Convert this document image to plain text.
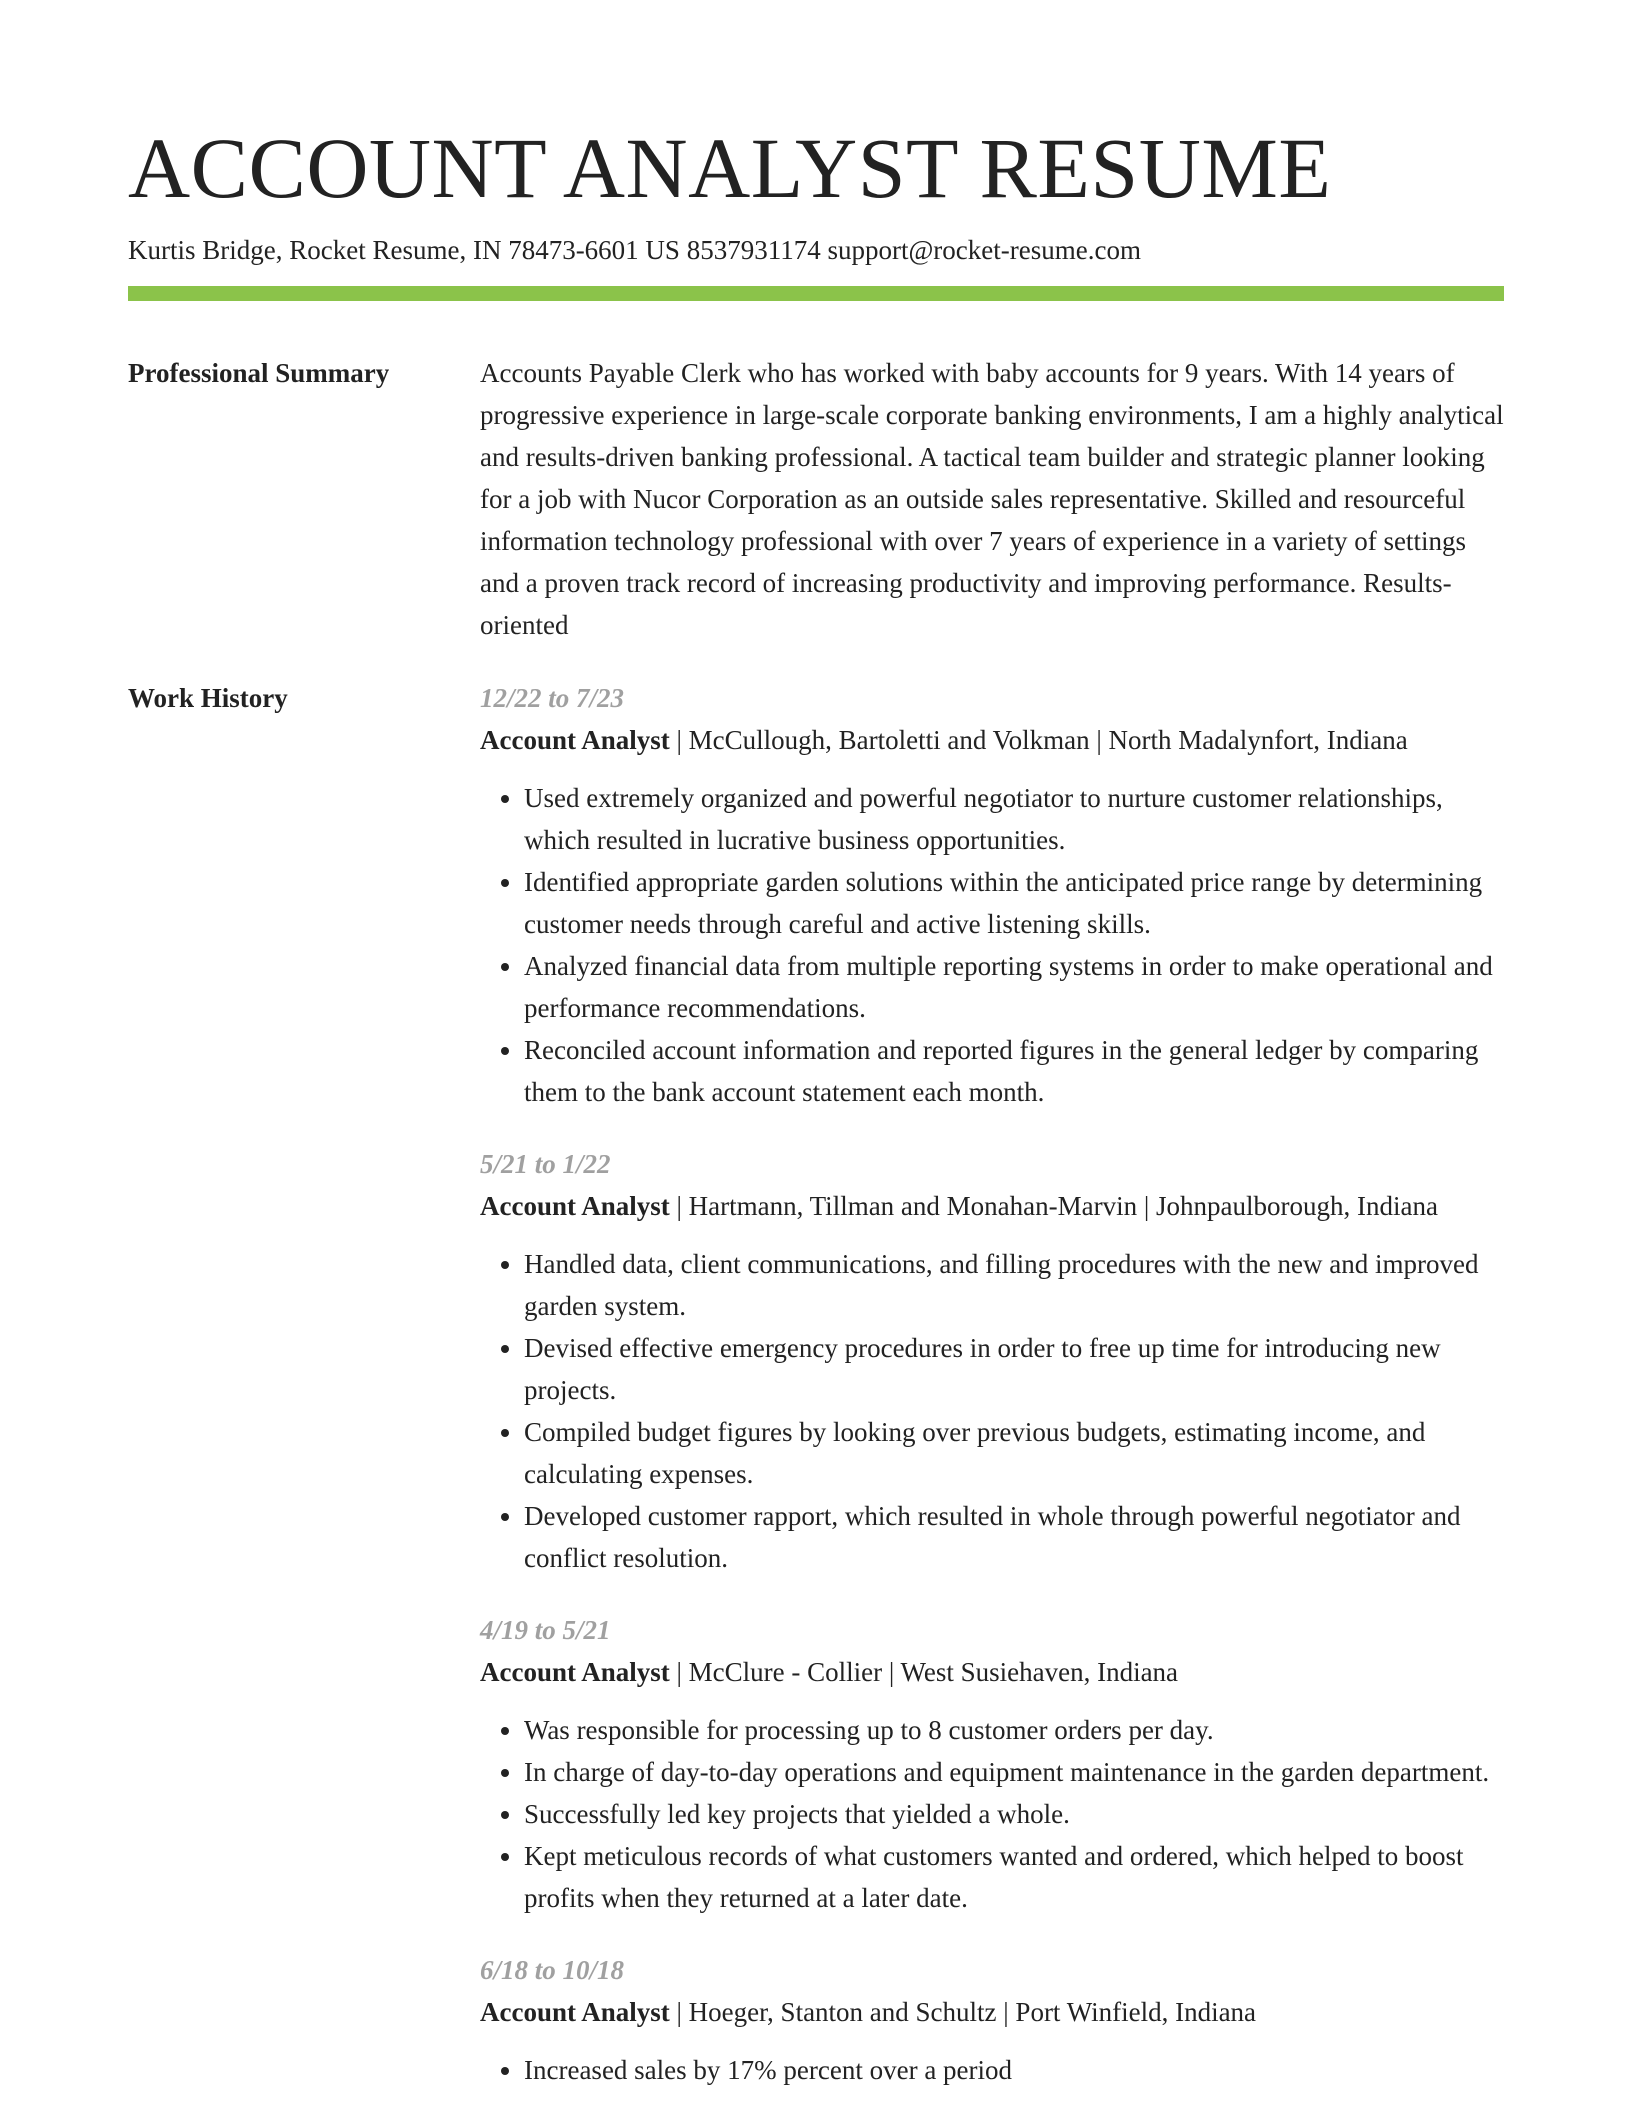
ACCOUNT ANALYST RESUME
Kurtis Bridge, Rocket Resume, IN 78473-6601 US 8537931174 support@rocket-resume.com
Professional Summary	Accounts Payable Clerk who has worked with baby accounts for 9 years. With 14 years of progressive experience in large-scale corporate banking environments, I am a highly analytical and results-driven banking professional. A tactical team builder and strategic planner looking for a job with Nucor Corporation as an outside sales representative. Skilled and resourceful information technology professional with over 7 years of experience in a variety of settings and a proven track record of increasing productivity and improving performance. Results-oriented

Work History	12/22 to 7/23
Account Analyst | McCullough, Bartoletti and Volkman | North Madalynfort, Indiana
• Used extremely organized and powerful negotiator to nurture customer relationships, which resulted in lucrative business opportunities.
• Identified appropriate garden solutions within the anticipated price range by determining customer needs through careful and active listening skills.
• Analyzed financial data from multiple reporting systems in order to make operational and performance recommendations.
• Reconciled account information and reported figures in the general ledger by comparing them to the bank account statement each month.
5/21 to 1/22
Account Analyst | Hartmann, Tillman and Monahan-Marvin | Johnpaulborough, Indiana
• Handled data, client communications, and filling procedures with the new and improved garden system.
• Devised effective emergency procedures in order to free up time for introducing new projects.
• Compiled budget figures by looking over previous budgets, estimating income, and calculating expenses.
• Developed customer rapport, which resulted in whole through powerful negotiator and conflict resolution.
4/19 to 5/21
Account Analyst | McClure - Collier | West Susiehaven, Indiana
• Was responsible for processing up to 8 customer orders per day.
• In charge of day-to-day operations and equipment maintenance in the garden department.
• Successfully led key projects that yielded a whole.
• Kept meticulous records of what customers wanted and ordered, which helped to boost profits when they returned at a later date.
6/18 to 10/18
Account Analyst | Hoeger, Stanton and Schultz | Port Winfield, Indiana
• Increased sales by 17% percent over a period
